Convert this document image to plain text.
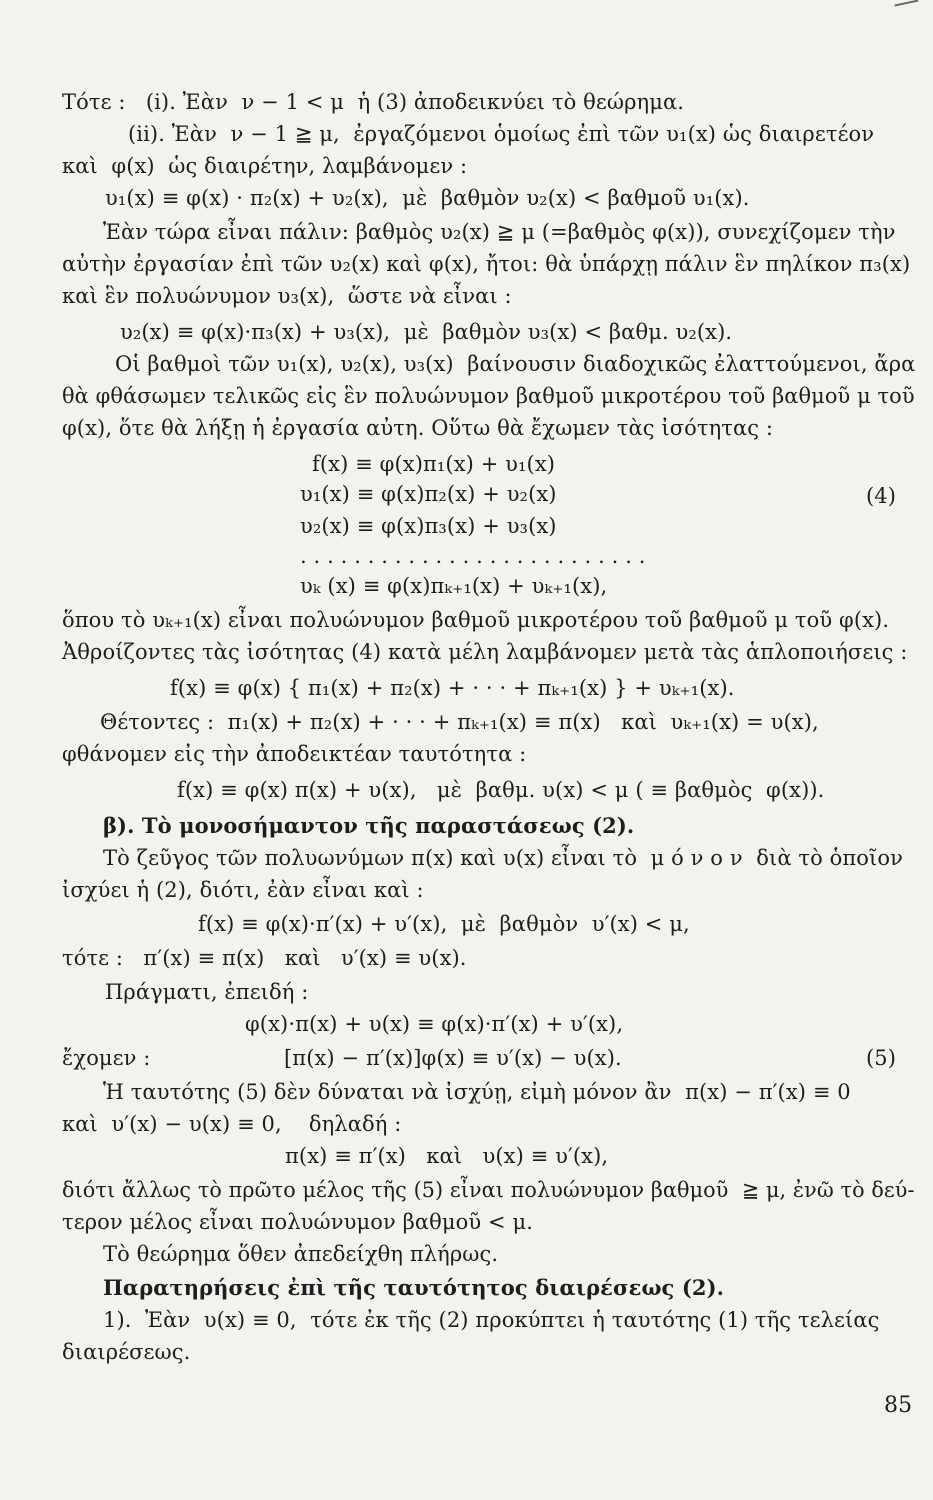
Τότε :   (i). Ἐὰν  ν − 1 < μ  ἡ (3) ἀποδεικνύει τὸ θεώρημα.
(ii). Ἐὰν  ν − 1 ≧ μ,  ἐργαζόμενοι ὁμοίως ἐπὶ τῶν υ₁(x) ὡς διαιρετέον
καὶ  φ(x)  ὡς διαιρέτην, λαμβάνομεν :
υ₁(x) ≡ φ(x) · π₂(x) + υ₂(x),  μὲ  βαθμὸν υ₂(x) < βαθμοῦ υ₁(x).
Ἐὰν τώρα εἶναι πάλιν: βαθμὸς υ₂(x) ≧ μ (=βαθμὸς φ(x)), συνεχίζομεν τὴν
αὐτὴν ἐργασίαν ἐπὶ τῶν υ₂(x) καὶ φ(x), ἤτοι: θὰ ὑπάρχῃ πάλιν ἓν πηλίκον π₃(x)
καὶ ἓν πολυώνυμον υ₃(x),  ὥστε νὰ εἶναι :
υ₂(x) ≡ φ(x)·π₃(x) + υ₃(x),  μὲ  βαθμὸν υ₃(x) < βαθμ. υ₂(x).
Οἱ βαθμοὶ τῶν υ₁(x), υ₂(x), υ₃(x)  βαίνουσιν διαδοχικῶς ἐλαττούμενοι, ἄρα
θὰ φθάσωμεν τελικῶς εἰς ἓν πολυώνυμον βαθμοῦ μικροτέρου τοῦ βαθμοῦ μ τοῦ
φ(x), ὅτε θὰ λήξῃ ἡ ἐργασία αὐτη. Οὕτω θὰ ἔχωμεν τὰς ἰσότητας :
f(x) ≡ φ(x)π₁(x) + υ₁(x)
υ₁(x) ≡ φ(x)π₂(x) + υ₂(x)	(4)
υ₂(x) ≡ φ(x)π₃(x) + υ₃(x)
. . . . . . . . . . . . . . . . . . . . . . . . . .
υₖ (x) ≡ φ(x)πₖ₊₁(x) + υₖ₊₁(x),
ὅπου τὸ υₖ₊₁(x) εἶναι πολυώνυμον βαθμοῦ μικροτέρου τοῦ βαθμοῦ μ τοῦ φ(x).
Ἀθροίζοντες τὰς ἰσότητας (4) κατὰ μέλη λαμβάνομεν μετὰ τὰς ἁπλοποιήσεις :
f(x) ≡ φ(x) { π₁(x) + π₂(x) + · · · + πₖ₊₁(x) } + υₖ₊₁(x).
Θέτοντες :  π₁(x) + π₂(x) + · · · + πₖ₊₁(x) ≡ π(x)   καὶ  υₖ₊₁(x) = υ(x),
φθάνομεν εἰς τὴν ἀποδεικτέαν ταυτότητα :
f(x) ≡ φ(x) π(x) + υ(x),   μὲ  βαθμ. υ(x) < μ ( ≡ βαθμὸς  φ(x)).
β). Τὸ μονοσήμαντον τῆς παραστάσεως (2).
Τὸ ζεῦγος τῶν πολυωνύμων π(x) καὶ υ(x) εἶναι τὸ  μ ό ν ο ν  διὰ τὸ ὁποῖον
ἰσχύει ἡ (2), διότι, ἐὰν εἶναι καὶ :
f(x) ≡ φ(x)·π′(x) + υ′(x),  μὲ  βαθμὸν  υ′(x) < μ,
τότε :   π′(x) ≡ π(x)   καὶ   υ′(x) ≡ υ(x).
Πράγματι, ἐπειδή :
φ(x)·π(x) + υ(x) ≡ φ(x)·π′(x) + υ′(x),
ἔχομεν :	[π(x) − π′(x)]φ(x) ≡ υ′(x) − υ(x).	(5)
Ἡ ταυτότης (5) δὲν δύναται νὰ ἰσχύῃ, εἰμὴ μόνον ἂν  π(x) − π′(x) ≡ 0
καὶ  υ′(x) − υ(x) ≡ 0,    δηλαδή :
π(x) ≡ π′(x)   καὶ   υ(x) ≡ υ′(x),
διότι ἄλλως τὸ πρῶτο μέλος τῆς (5) εἶναι πολυώνυμον βαθμοῦ  ≧ μ, ἐνῶ τὸ δεύ-
τερον μέλος εἶναι πολυώνυμον βαθμοῦ < μ.
Τὸ θεώρημα ὅθεν ἀπεδείχθη πλήρως.
Παρατηρήσεις ἐπὶ τῆς ταυτότητος διαιρέσεως (2).
1).  Ἐὰν  υ(x) ≡ 0,  τότε ἐκ τῆς (2) προκύπτει ἡ ταυτότης (1) τῆς τελείας
διαιρέσεως.
85
